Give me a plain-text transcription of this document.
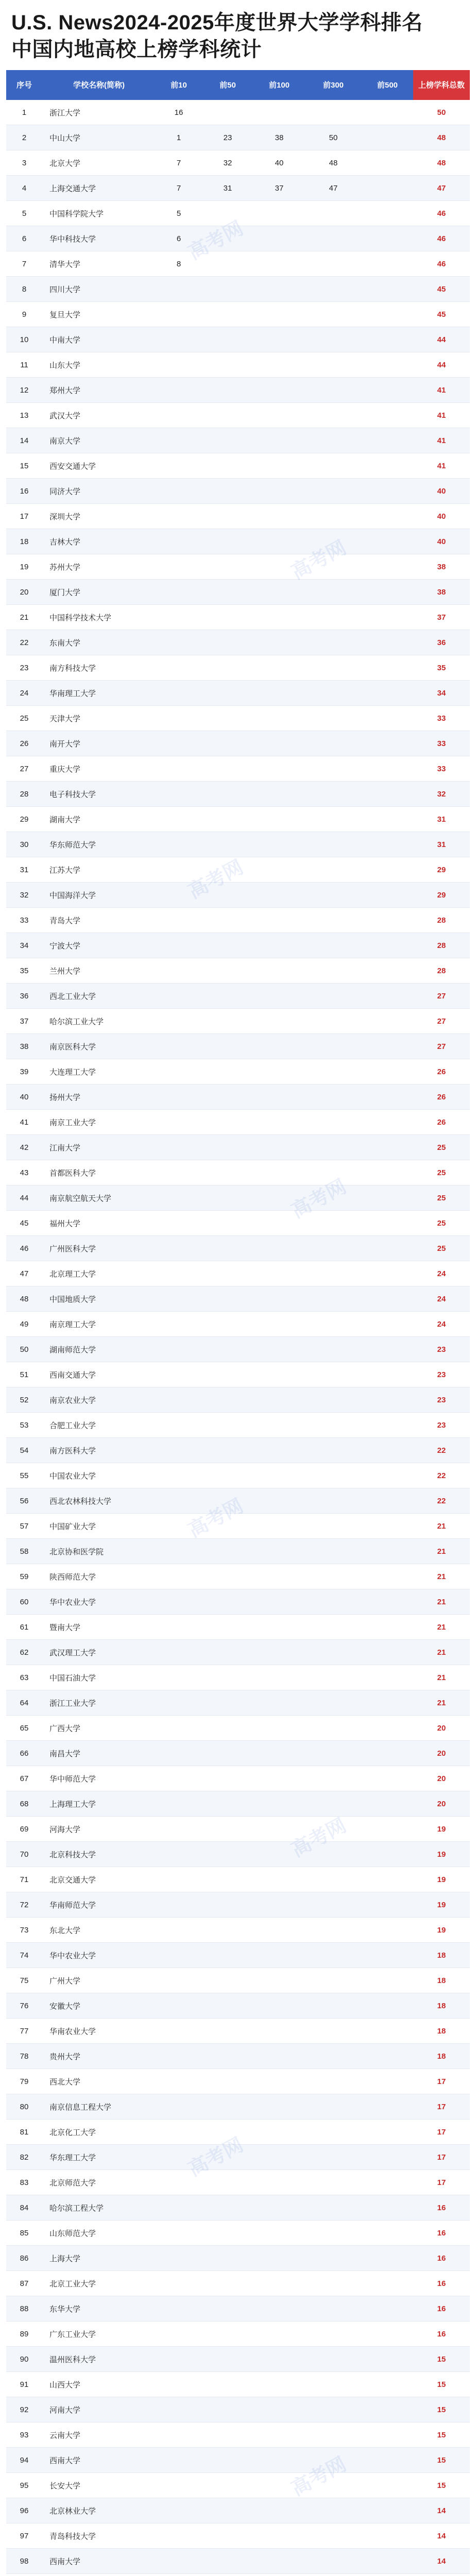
U.S. News2024-2025年度世界大学学科排名
中国内地高校上榜学科统计
序号	学校名称(简称)	前10	前50	前100	前300	前500	上榜学科总数
1	浙江大学	16					50
2	中山大学	1	23	38	50		48
3	北京大学	7	32	40	48		48
4	上海交通大学	7	31	37	47		47
5	中国科学院大学	5					46
6	华中科技大学	6					46
7	清华大学	8					46
8	四川大学						45
9	复旦大学						45
10	中南大学						44
11	山东大学						44
12	郑州大学						41
13	武汉大学						41
14	南京大学						41
15	西安交通大学						41
16	同济大学						40
17	深圳大学						40
18	吉林大学						40
19	苏州大学						38
20	厦门大学						38
21	中国科学技术大学						37
22	东南大学						36
23	南方科技大学						35
24	华南理工大学						34
25	天津大学						33
26	南开大学						33
27	重庆大学						33
28	电子科技大学						32
29	湖南大学						31
30	华东师范大学						31
31	江苏大学						29
32	中国海洋大学						29
33	青岛大学						28
34	宁波大学						28
35	兰州大学						28
36	西北工业大学						27
37	哈尔滨工业大学						27
38	南京医科大学						27
39	大连理工大学						26
40	扬州大学						26
41	南京工业大学						26
42	江南大学						25
43	首都医科大学						25
44	南京航空航天大学						25
45	福州大学						25
46	广州医科大学						25
47	北京理工大学						24
48	中国地质大学						24
49	南京理工大学						24
50	湖南师范大学						23
51	西南交通大学						23
52	南京农业大学						23
53	合肥工业大学						23
54	南方医科大学						22
55	中国农业大学						22
56	西北农林科技大学						22
57	中国矿业大学						21
58	北京协和医学院						21
59	陕西师范大学						21
60	华中农业大学						21
61	暨南大学						21
62	武汉理工大学						21
63	中国石油大学						21
64	浙江工业大学						21
65	广西大学						20
66	南昌大学						20
67	华中师范大学						20
68	上海理工大学						20
69	河海大学						19
70	北京科技大学						19
71	北京交通大学						19
72	华南师范大学						19
73	东北大学						19
74	华中农业大学						18
75	广州大学						18
76	安徽大学						18
77	华南农业大学						18
78	贵州大学						18
79	西北大学						17
80	南京信息工程大学						17
81	北京化工大学						17
82	华东理工大学						17
83	北京师范大学						17
84	哈尔滨工程大学						16
85	山东师范大学						16
86	上海大学						16
87	北京工业大学						16
88	东华大学						16
89	广东工业大学						16
90	温州医科大学						15
91	山西大学						15
92	河南大学						15
93	云南大学						15
94	西南大学						15
95	长安大学						15
96	北京林业大学						14
97	青岛科技大学						14
98	西南大学						14

高考网
高考网
高考网
高考网
高考网
